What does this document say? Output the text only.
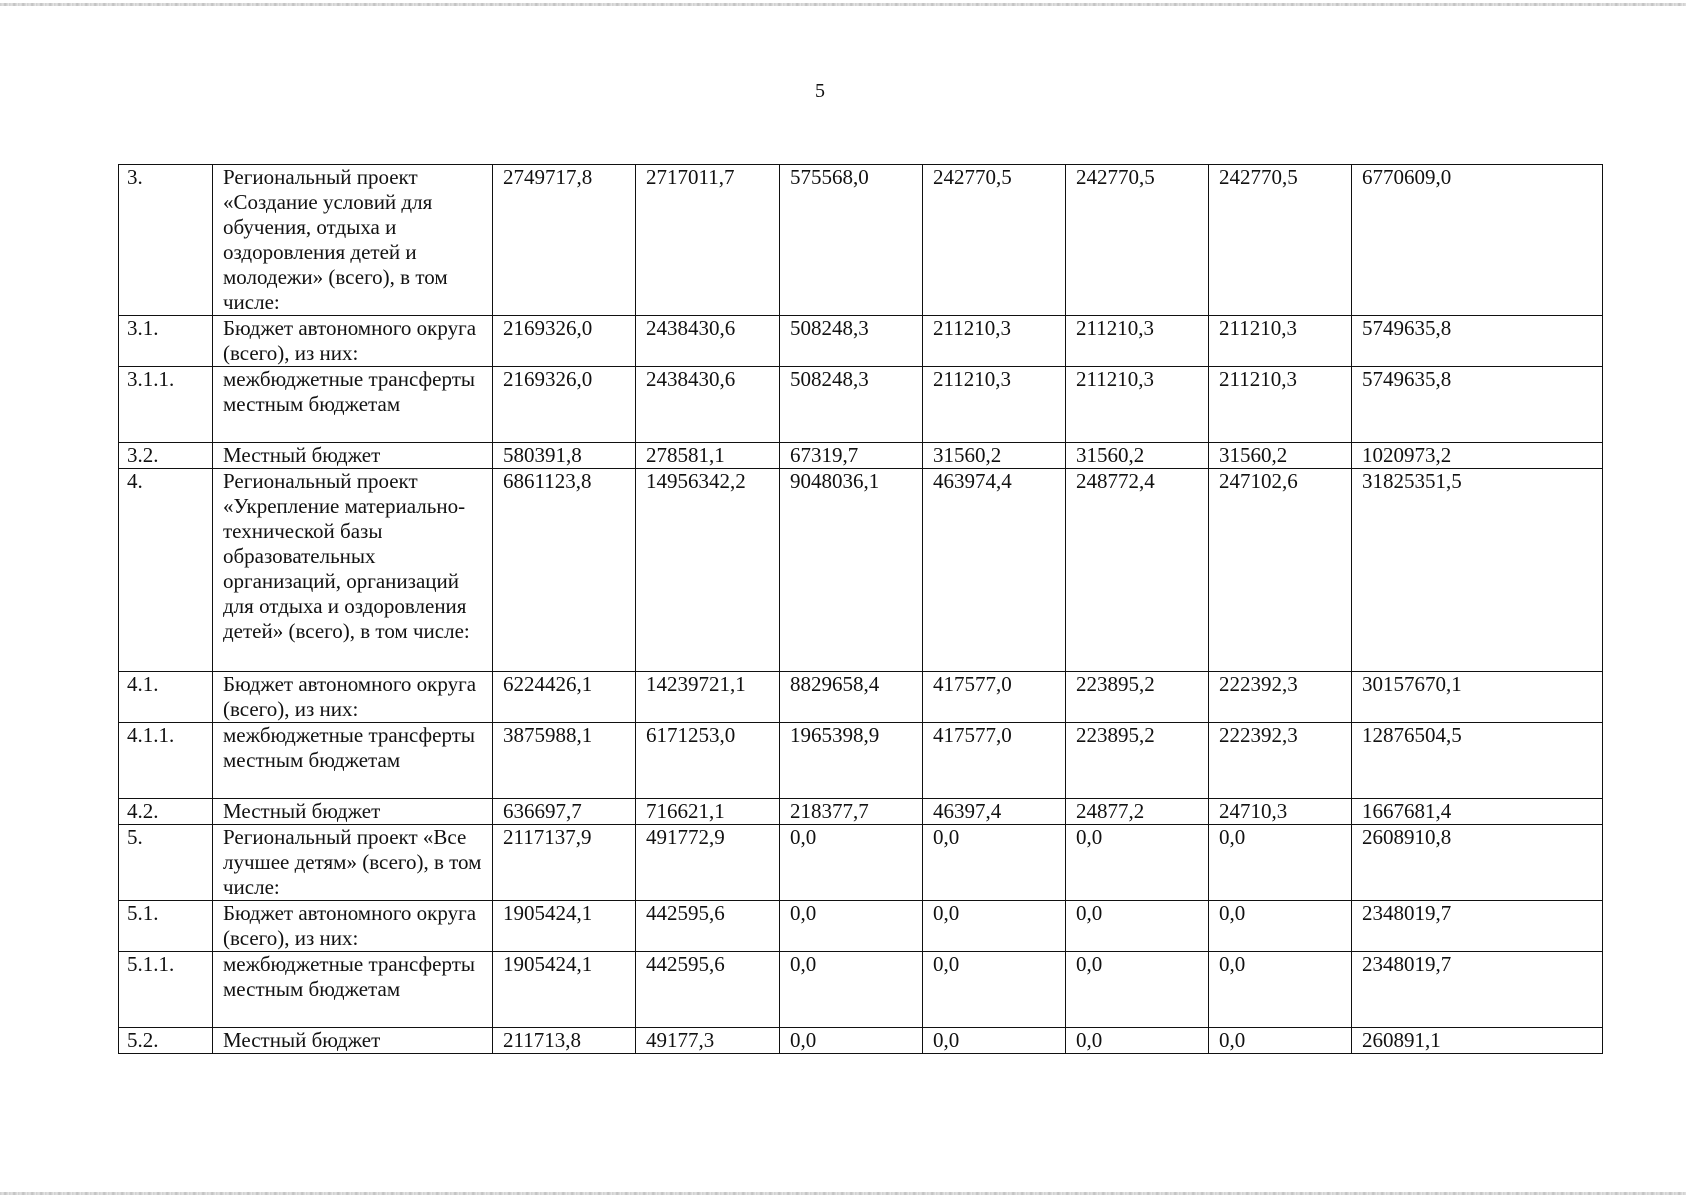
5
3.	Региональный проект «Создание условий для обучения, отдыха и оздоровления детей и молодежи» (всего), в том числе:	2749717,8	2717011,7	575568,0	242770,5	242770,5	242770,5	6770609,0
3.1.	Бюджет автономного округа (всего), из них:	2169326,0	2438430,6	508248,3	211210,3	211210,3	211210,3	5749635,8
3.1.1.	межбюджетные трансферты местным бюджетам	2169326,0	2438430,6	508248,3	211210,3	211210,3	211210,3	5749635,8
3.2.	Местный бюджет	580391,8	278581,1	67319,7	31560,2	31560,2	31560,2	1020973,2
4.	Региональный проект «Укрепление материально-технической базы образовательных организаций, организаций для отдыха и оздоровления детей» (всего), в том числе:	6861123,8	14956342,2	9048036,1	463974,4	248772,4	247102,6	31825351,5
4.1.	Бюджет автономного округа (всего), из них:	6224426,1	14239721,1	8829658,4	417577,0	223895,2	222392,3	30157670,1
4.1.1.	межбюджетные трансферты местным бюджетам	3875988,1	6171253,0	1965398,9	417577,0	223895,2	222392,3	12876504,5
4.2.	Местный бюджет	636697,7	716621,1	218377,7	46397,4	24877,2	24710,3	1667681,4
5.	Региональный проект «Все лучшее детям» (всего), в том числе:	2117137,9	491772,9	0,0	0,0	0,0	0,0	2608910,8
5.1.	Бюджет автономного округа (всего), из них:	1905424,1	442595,6	0,0	0,0	0,0	0,0	2348019,7
5.1.1.	межбюджетные трансферты местным бюджетам	1905424,1	442595,6	0,0	0,0	0,0	0,0	2348019,7
5.2.	Местный бюджет	211713,8	49177,3	0,0	0,0	0,0	0,0	260891,1
